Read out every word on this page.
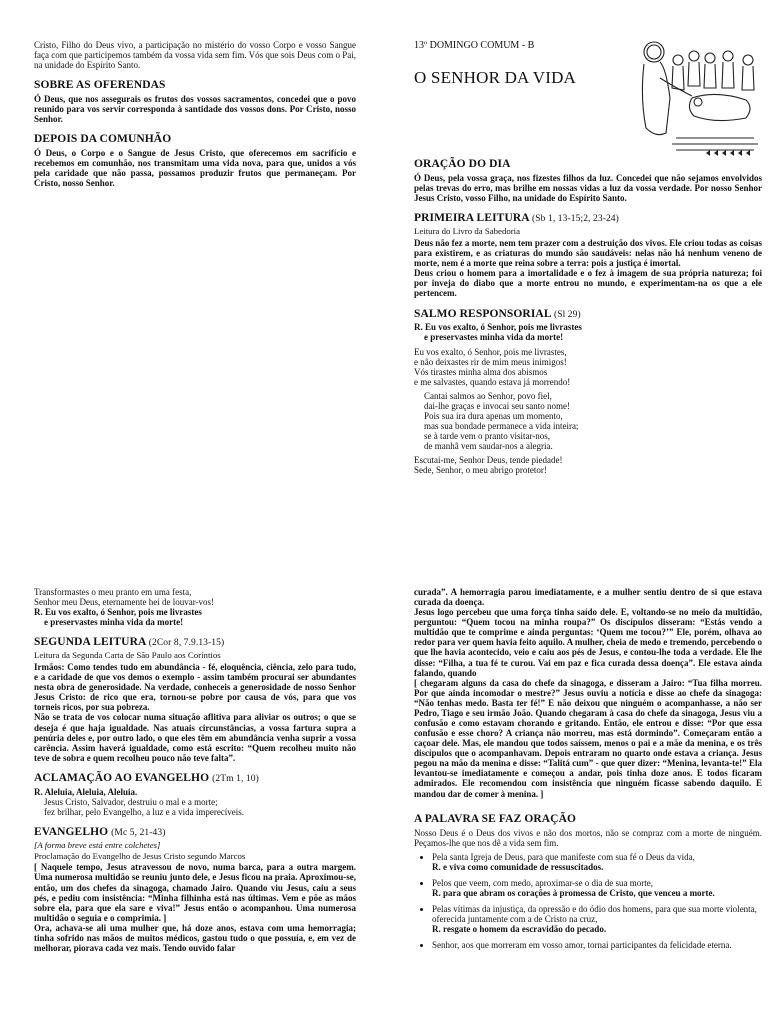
Cristo, Filho do Deus vivo, a participação no mistério do vosso Corpo e vosso Sangue faça com que participemos também da vossa vida sem fim. Vós que sois Deus com o Pai, na unidade do Espírito Santo.

SOBRE AS OFERENDAS

Ó Deus, que nos assegurais os frutos dos vossos sacramentos, concedei que o povo reunido para vos servir corresponda à santidade dos vossos dons. Por Cristo, nosso Senhor.

DEPOIS DA COMUNHÃO

Ó Deus, o Corpo e o Sangue de Jesus Cristo, que oferecemos em sacrifício e recebemos em comunhão, nos transmitam uma vida nova, para que, unidos a vós pela caridade que não passa, possamos produzir frutos que permaneçam. Por Cristo, nosso Senhor.

13º DOMINGO COMUM - B
O SENHOR DA VIDA
ORAÇÃO DO DIA

Ó Deus, pela vossa graça, nos fizestes filhos da luz. Concedei que não sejamos envolvidos pelas trevas do erro, mas brilhe em nossas vidas a luz da vossa verdade. Por nosso Senhor Jesus Cristo, vosso Filho, na unidade do Espírito Santo.

PRIMEIRA LEITURA (Sb 1, 13-15;2, 23-24)

Leitura do Livro da Sabedoria

Deus não fez a morte, nem tem prazer com a destruição dos vivos. Ele criou todas as coisas para existirem, e as criaturas do mundo são saudáveis: nelas não há nenhum veneno de morte, nem é a morte que reina sobre a terra: pois a justiça é imortal.

Deus criou o homem para a imortalidade e o fez à imagem de sua própria natureza; foi por inveja do diabo que a morte entrou no mundo, e experimentam-na os que a ele pertencem.

SALMO RESPONSORIAL (Sl 29)

R. Eu vos exalto, ó Senhor, pois me livrastes

e preservastes minha vida da morte!

Eu vos exalto, ó Senhor, pois me livrastes,

e não deixastes rir de mim meus inimigos!

Vós tirastes minha alma dos abismos

e me salvastes, quando estava já morrendo!

Cantai salmos ao Senhor, povo fiel,

dai-lhe graças e invocai seu santo nome!

Pois sua ira dura apenas um momento,

mas sua bondade permanece a vida inteira;

se à tarde vem o pranto visitar-nos,

de manhã vem saudar-nos a alegria.

Escutai-me, Senhor Deus, tende piedade!

Sede, Senhor, o meu abrigo protetor!

Transformastes o meu pranto em uma festa,

Senhor meu Deus, eternamente hei de louvar-vos!

R. Eu vos exalto, ó Senhor, pois me livrastes

e preservastes minha vida da morte!

SEGUNDA LEITURA (2Cor 8, 7.9.13-15)

Leitura da Segunda Carta de São Paulo aos Coríntios

Irmãos: Como tendes tudo em abundância - fé, eloquência, ciência, zelo para tudo, e a caridade de que vos demos o exemplo - assim também procurai ser abundantes nesta obra de generosidade. Na verdade, conheceis a generosidade de nosso Senhor Jesus Cristo: de rico que era, tornou-se pobre por causa de vós, para que vos torneis ricos, por sua pobreza.

Não se trata de vos colocar numa situação aflitiva para aliviar os outros; o que se deseja é que haja igualdade. Nas atuais circunstâncias, a vossa fartura supra a penúria deles e, por outro lado, o que eles têm em abundância venha suprir a vossa carência. Assim haverá igualdade, como está escrito: “Quem recolheu muito não teve de sobra e quem recolheu pouco não teve falta”.

ACLAMAÇÃO AO EVANGELHO (2Tm 1, 10)

R. Aleluia, Aleluia, Aleluia.

Jesus Cristo, Salvador, destruiu o mal e a morte;

fez brilhar, pelo Evangelho, a luz e a vida imperecíveis.

EVANGELHO (Mc 5, 21-43)

[A forma breve está entre colchetes]

Proclamação do Evangelho de Jesus Cristo segundo Marcos

[ Naquele tempo, Jesus atravessou de novo, numa barca, para a outra margem. Uma numerosa multidão se reuniu junto dele, e Jesus ficou na praia. Aproximou-se, então, um dos chefes da sinagoga, chamado Jairo. Quando viu Jesus, caiu a seus pés, e pediu com insistência: “Minha filhinha está nas últimas. Vem e põe as mãos sobre ela, para que ela sare e viva!” Jesus então o acompanhou. Uma numerosa multidão o seguia e o comprimia. ]

Ora, achava-se ali uma mulher que, há doze anos, estava com uma hemorragia; tinha sofrido nas mãos de muitos médicos, gastou tudo o que possuía, e, em vez de melhorar, piorava cada vez mais. Tendo ouvido falar

curada”. A hemorragia parou imediatamente, e a mulher sentiu dentro de si que estava curada da doença.

Jesus logo percebeu que uma força tinha saído dele. E, voltando-se no meio da multidão, perguntou: “Quem tocou na minha roupa?” Os discípulos disseram: “Estás vendo a multidão que te comprime e ainda perguntas: ‘Quem me tocou?’” Ele, porém, olhava ao redor para ver quem havia feito aquilo. A mulher, cheia de medo e tremendo, percebendo o que lhe havia acontecido, veio e caiu aos pés de Jesus, e contou-lhe toda a verdade. Ele lhe disse: “Filha, a tua fé te curou. Vai em paz e fica curada dessa doença”. Ele estava ainda falando, quando

[ chegaram alguns da casa do chefe da sinagoga, e disseram a Jairo: “Tua filha morreu. Por que ainda incomodar o mestre?” Jesus ouviu a notícia e disse ao chefe da sinagoga: “Não tenhas medo. Basta ter fé!” E não deixou que ninguém o acompanhasse, a não ser Pedro, Tiago e seu irmão João. Quando chegaram à casa do chefe da sinagoga, Jesus viu a confusão e como estavam chorando e gritando. Então, ele entrou e disse: “Por que essa confusão e esse choro? A criança não morreu, mas está dormindo”. Começaram então a caçoar dele. Mas, ele mandou que todos saíssem, menos o pai e a mãe da menina, e os três discípulos que o acompanhavam. Depois entraram no quarto onde estava a criança. Jesus pegou na mão da menina e disse: “Talitá cum” - que quer dizer: “Menina, levanta-te!” Ela levantou-se imediatamente e começou a andar, pois tinha doze anos. E todos ficaram admirados. Ele recomendou com insistência que ninguém ficasse sabendo daquilo. E mandou dar de comer à menina. ]

A PALAVRA SE FAZ ORAÇÃO

Nosso Deus é o Deus dos vivos e não dos mortos, não se compraz com a morte de ninguém. Peçamos-lhe que nos dê a vida sem fim.

• Pela santa Igreja de Deus, para que manifeste com sua fé o Deus da vida,
R. e viva como comunidade de ressuscitados.
• Pelos que veem, com medo, aproximar-se o dia de sua morte,
R. para que abram os corações à promessa de Cristo, que venceu a morte.
• Pelas vítimas da injustiça, da opressão e do ódio dos homens, para que sua morte violenta, oferecida juntamente com a de Cristo na cruz,
R. resgate o homem da escravidão do pecado.
• Senhor, aos que morreram em vosso amor, tornai participantes da felicidade eterna.
